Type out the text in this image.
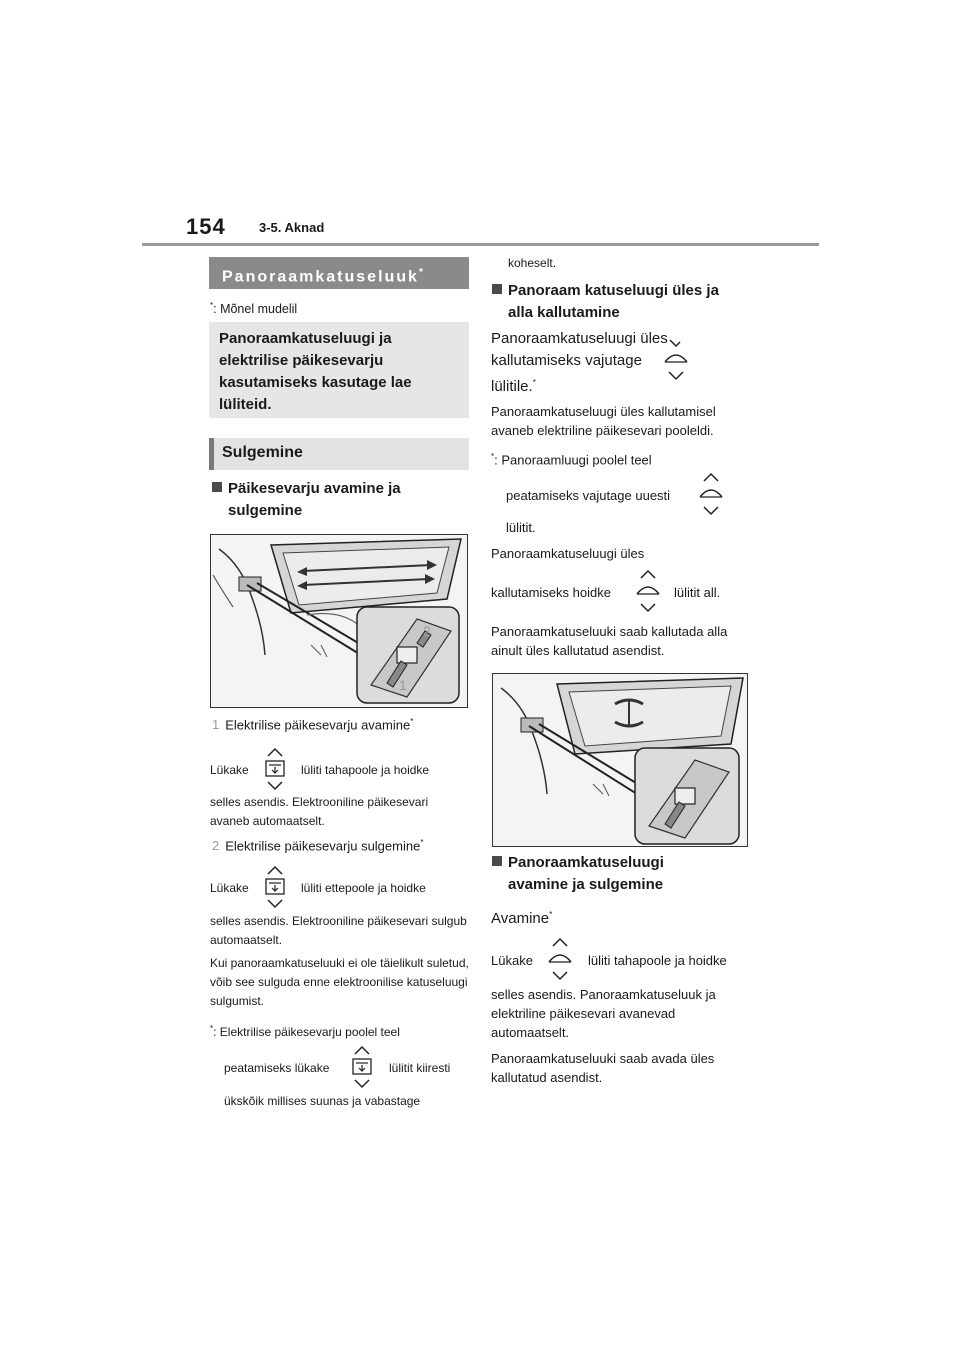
154	3-5. Aknad
Panoraamkatuseluuk*
*: Mõnel mudelil
Panoraamkatuseluugi ja elektrilise päikesevarju kasutamiseks kasutage lae lüliteid.
Sulgemine
Päikesevarju avamine ja sulgemine
1
2
1 Elektrilise päikesevarju avamine*
Lükake	lüliti tahapoole ja hoidke
selles asendis. Elektrooniline päikesevari avaneb automaatselt.
2 Elektrilise päikesevarju sulgemine*
Lükake	lüliti ettepoole ja hoidke
selles asendis. Elektrooniline päikesevari sulgub automaatselt.
Kui panoraamkatuseluuki ei ole täielikult suletud, võib see sulguda enne elektroonilise katuseluugi sulgumist.
*: Elektrilise päikesevarju poolel teel
peatamiseks lükake	lülitit kiiresti
ükskõik millises suunas ja vabastage
koheselt.
Panoraam katuseluugi üles ja alla kallutamine
Panoraamkatuseluugi üles
kallutamiseks vajutage
lülitile.*
Panoraamkatuseluugi üles kallutamisel avaneb elektriline päikesevari pooleldi.
*: Panoraamluugi poolel teel
peatamiseks vajutage uuesti
lülitit.
Panoraamkatuseluugi üles
kallutamiseks hoidke	lülitit all.
Panoraamkatuseluuki saab kallutada alla ainult üles kallutatud asendist.
Panoraamkatuseluugi avamine ja sulgemine
Avamine*
Lükake	lüliti tahapoole ja hoidke
selles asendis. Panoraamkatuseluuk ja elektriline päikesevari avanevad automaatselt.
Panoraamkatuseluuki saab avada üles kallutatud asendist.
